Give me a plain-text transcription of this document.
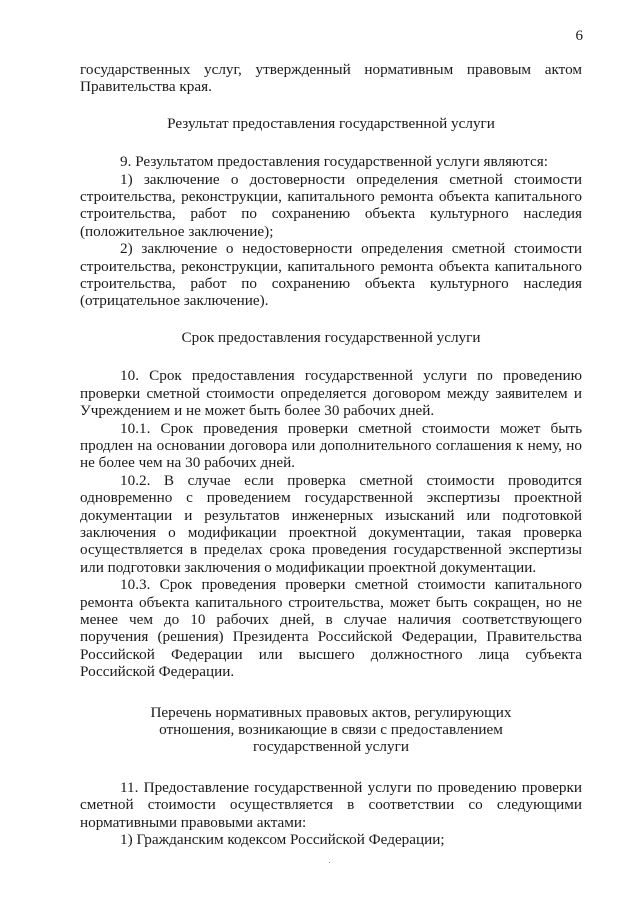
6

государственных услуг, утвержденный нормативным правовым актом Правительства края.

Результат предоставления государственной услуги

9. Результатом предоставления государственной услуги являются:

1) заключение о достоверности определения сметной стоимости строительства, реконструкции, капитального ремонта объекта капитального строительства, работ по сохранению объекта культурного наследия (положительное заключение);

2) заключение о недостоверности определения сметной стоимости строительства, реконструкции, капитального ремонта объекта капитального строительства, работ по сохранению объекта культурного наследия (отрицательное заключение).

Срок предоставления государственной услуги

10. Срок предоставления государственной услуги по проведению проверки сметной стоимости определяется договором между заявителем и Учреждением и не может быть более 30 рабочих дней.

10.1. Срок проведения проверки сметной стоимости может быть продлен на основании договора или дополнительного соглашения к нему, но не более чем на 30 рабочих дней.

10.2. В случае если проверка сметной стоимости проводится одновременно с проведением государственной экспертизы проектной документации и результатов инженерных изысканий или подготовкой заключения о модификации проектной документации, такая проверка осуществляется в пределах срока проведения государственной экспертизы или подготовки заключения о модификации проектной документации.

10.3. Срок проведения проверки сметной стоимости капитального ремонта объекта капитального строительства, может быть сокращен, но не менее чем до 10 рабочих дней, в случае наличия соответствующего поручения (решения) Президента Российской Федерации, Правительства Российской Федерации или высшего должностного лица субъекта Российской Федерации.

Перечень нормативных правовых актов, регулирующих
отношения, возникающие в связи с предоставлением
государственной услуги

11. Предоставление государственной услуги по проведению проверки сметной стоимости осуществляется в соответствии со следующими нормативными правовыми актами:

1) Гражданским кодексом Российской Федерации;
